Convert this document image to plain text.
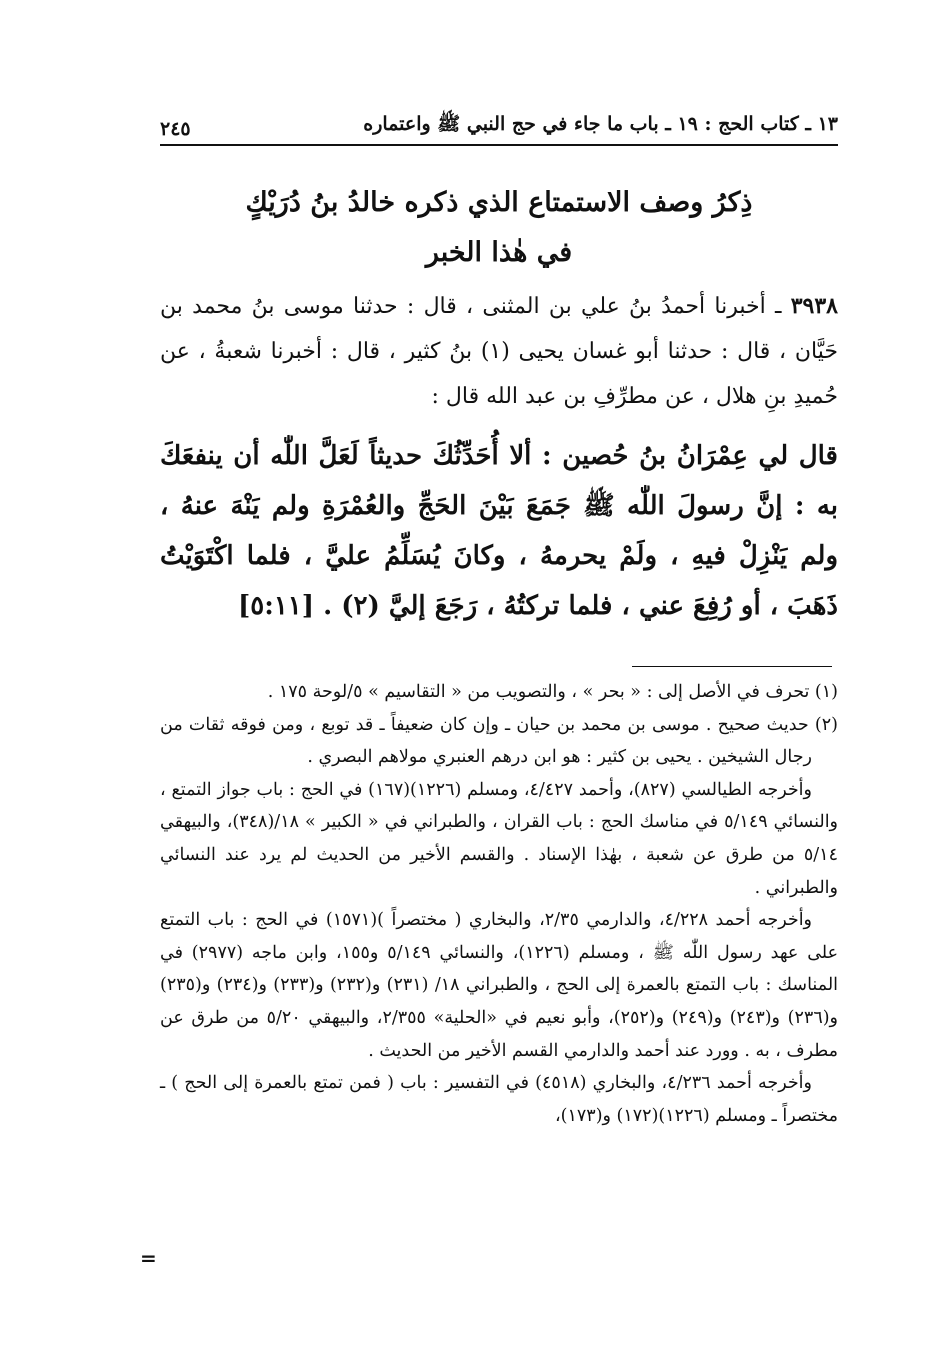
١٣ ـ كتاب الحج : ١٩ ـ باب ما جاء في حج النبي ﷺ واعتماره
٢٤٥
ذِكرُ وصف الاستمتاع الذي ذكره خالدُ بنُ دُرَيْكٍ
في هٰذا الخبر

٣٩٣٨ ـ أخبرنا أحمدُ بنُ علي بن المثنى ، قال : حدثنا موسى بنُ محمد بن حَيَّان ، قال : حدثنا أبو غسان يحيى (١) بنُ كثير ، قال : أخبرنا شعبةُ ، عن حُميدِ بنِ هلال ، عن مطرِّفِ بن عبد الله قال :

قال لي عِمْرَانُ بنُ حُصين : ألا أُحَدِّثُكَ حديثاً لَعَلَّ اللّٰه أن ينفعَكَ به : إنَّ رسولَ اللّٰه ﷺ جَمَعَ بَيْنَ الحَجِّ والعُمْرَةِ ولم يَنْهَ عنهُ ، ولم يَنْزِلْ فيهِ ، ولَمْ يحرمهُ ، وكانَ يُسَلِّمُ عليَّ ، فلما اكْتَوَيْتُ ذَهَبَ ، أو رُفِعَ عني ، فلما تركتُهُ ، رَجَعَ إليَّ (٢) . [٥:١١]

(١) تحرف في الأصل إلى : « بحر » ، والتصويب من « التقاسيم » ٥/لوحة ١٧٥ .

(٢) حديث صحيح . موسى بن محمد بن حيان ـ وإن كان ضعيفاً ـ قد توبع ، ومن فوقه ثقات من رجال الشيخين . يحيى بن كثير : هو ابن درهم العنبري مولاهم البصري .

وأخرجه الطيالسي (٨٢٧)، وأحمد ٤/٤٢٧، ومسلم (١٢٢٦)(١٦٧) في الحج : باب جواز التمتع ، والنسائي ٥/١٤٩ في مناسك الحج : باب القران ، والطبراني في « الكبير » ١٨/(٣٤٨)، والبيهقي ٥/١٤ من طرق عن شعبة ، بهٰذا الإسناد . والقسم الأخير من الحديث لم يرد عند النسائي والطبراني .

وأخرجه أحمد ٤/٢٢٨، والدارمي ٢/٣٥، والبخاري ( مختصراً )(١٥٧١) في الحج : باب التمتع على عهد رسول اللّٰه ﷺ ، ومسلم (١٢٢٦)، والنسائي ٥/١٤٩ و١٥٥، وابن ماجه (٢٩٧٧) في المناسك : باب التمتع بالعمرة إلى الحج ، والطبراني ١٨/ (٢٣١) و(٢٣٢) و(٢٣٣) و(٢٣٤) و(٢٣٥) و(٢٣٦) و(٢٤٣) و(٢٤٩) و(٢٥٢)، وأبو نعيم في «الحلية» ٢/٣٥٥، والبيهقي ٥/٢٠ من طرق عن مطرف ، به . وورد عند أحمد والدارمي القسم الأخير من الحديث .

وأخرجه أحمد ٤/٢٣٦، والبخاري (٤٥١٨) في التفسير : باب ( فمن تمتع بالعمرة إلى الحج ) ـ مختصراً ـ ومسلم (١٢٢٦)(١٧٢) و(١٧٣)،

=
